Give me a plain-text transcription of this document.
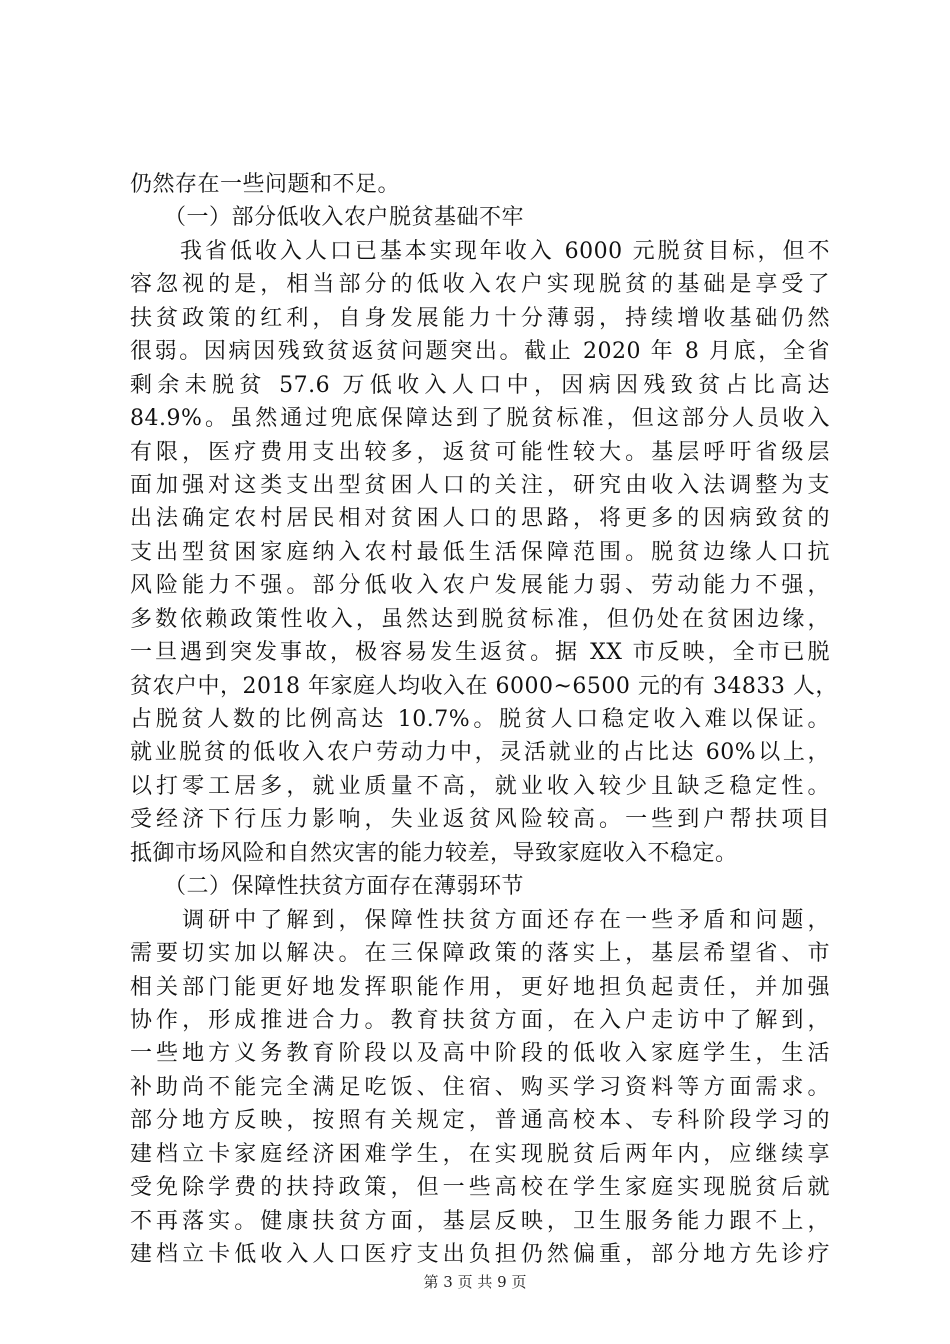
仍然存在一些问题和不足。
　　（一）部分低收入农户脱贫基础不牢
　　我省低收入人口已基本实现年收入 6000 元脱贫目标，但不
容忽视的是，相当部分的低收入农户实现脱贫的基础是享受了
扶贫政策的红利，自身发展能力十分薄弱，持续增收基础仍然
很弱。因病因残致贫返贫问题突出。截止 2020 年 8 月底，全省
剩余未脱贫 57.6 万低收入人口中，因病因残致贫占比高达
84.9%。虽然通过兜底保障达到了脱贫标准，但这部分人员收入
有限，医疗费用支出较多，返贫可能性较大。基层呼吁省级层
面加强对这类支出型贫困人口的关注，研究由收入法调整为支
出法确定农村居民相对贫困人口的思路，将更多的因病致贫的
支出型贫困家庭纳入农村最低生活保障范围。脱贫边缘人口抗
风险能力不强。部分低收入农户发展能力弱、劳动能力不强，
多数依赖政策性收入，虽然达到脱贫标准，但仍处在贫困边缘，
一旦遇到突发事故，极容易发生返贫。据 XX 市反映，全市已脱
贫农户中，2018 年家庭人均收入在 6000~6500 元的有 34833 人，
占脱贫人数的比例高达 10.7%。脱贫人口稳定收入难以保证。
就业脱贫的低收入农户劳动力中，灵活就业的占比达 60%以上，
以打零工居多，就业质量不高，就业收入较少且缺乏稳定性。
受经济下行压力影响，失业返贫风险较高。一些到户帮扶项目
抵御市场风险和自然灾害的能力较差，导致家庭收入不稳定。
　　（二）保障性扶贫方面存在薄弱环节
　　调研中了解到，保障性扶贫方面还存在一些矛盾和问题，
需要切实加以解决。在三保障政策的落实上，基层希望省、市
相关部门能更好地发挥职能作用，更好地担负起责任，并加强
协作，形成推进合力。教育扶贫方面，在入户走访中了解到，
一些地方义务教育阶段以及高中阶段的低收入家庭学生，生活
补助尚不能完全满足吃饭、住宿、购买学习资料等方面需求。
部分地方反映，按照有关规定，普通高校本、专科阶段学习的
建档立卡家庭经济困难学生，在实现脱贫后两年内，应继续享
受免除学费的扶持政策，但一些高校在学生家庭实现脱贫后就
不再落实。健康扶贫方面，基层反映，卫生服务能力跟不上，
建档立卡低收入人口医疗支出负担仍然偏重，部分地方先诊疗
第 3 页 共 9 页
